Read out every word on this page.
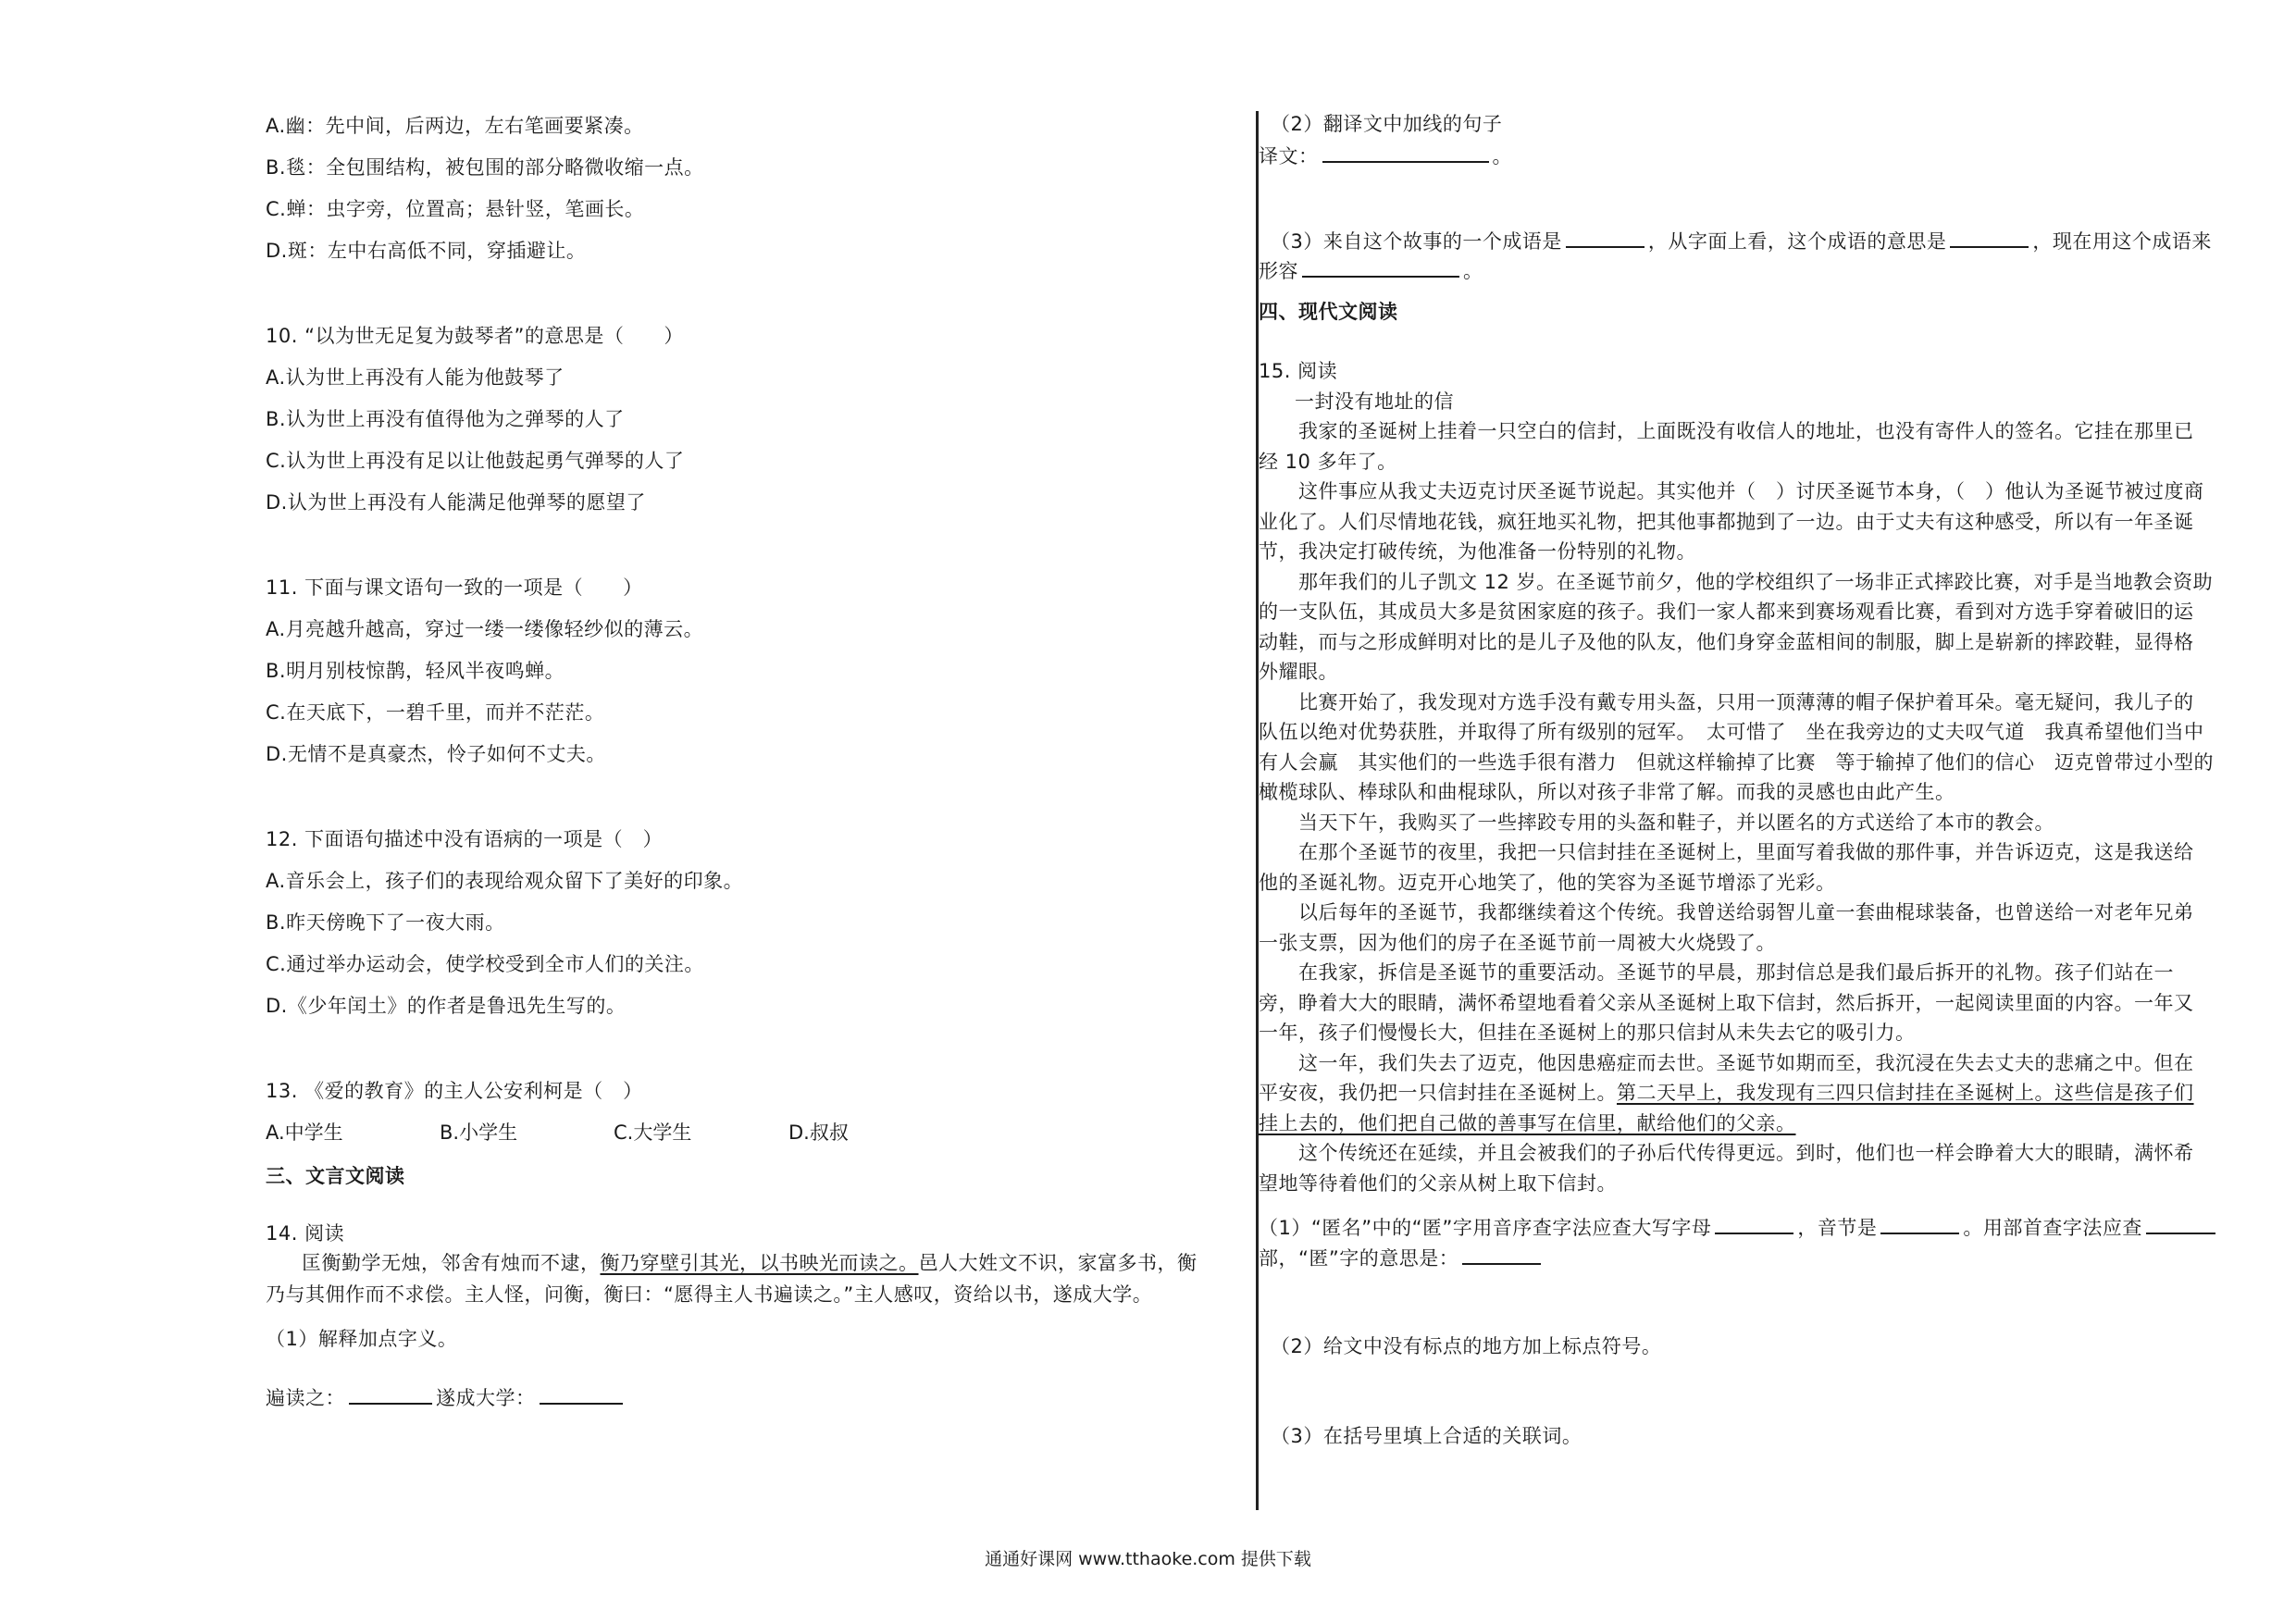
A.幽：先中间，后两边，左右笔画要紧凑。
B.毯：全包围结构，被包围的部分略微收缩一点。
C.蝉：虫字旁，位置高；悬针竖，笔画长。
D.斑：左中右高低不同，穿插避让。
10. “以为世无足复为鼓琴者”的意思是（　　）
A.认为世上再没有人能为他鼓琴了
B.认为世上再没有值得他为之弹琴的人了
C.认为世上再没有足以让他鼓起勇气弹琴的人了
D.认为世上再没有人能满足他弹琴的愿望了
11. 下面与课文语句一致的一项是（　　）
A.月亮越升越高，穿过一缕一缕像轻纱似的薄云。
B.明月别枝惊鹊，轻风半夜鸣蝉。
C.在天底下，一碧千里，而并不茫茫。
D.无情不是真豪杰，怜子如何不丈夫。
12. 下面语句描述中没有语病的一项是（　）
A.音乐会上，孩子们的表现给观众留下了美好的印象。
B.昨天傍晚下了一夜大雨。
C.通过举办运动会，使学校受到全市人们的关注。
D.《少年闰土》的作者是鲁迅先生写的。
13. 《爱的教育》的主人公安利柯是（　）
A.中学生	B.小学生	C.大学生	D.叔叔
三、文言文阅读
14. 阅读
匡衡勤学无烛，邻舍有烛而不逮，衡乃穿壁引其光，以书映光而读之。邑人大姓文不识，家富多书，衡
乃与其佣作而不求偿。主人怪，问衡，衡曰：“愿得主人书遍读之。”主人感叹，资给以书，遂成大学。
（1）解释加点字义。
遍读之：	遂成大学：
（2）翻译文中加线的句子
译文：	。
（3）来自这个故事的一个成语是	，从字面上看，这个成语的意思是	，现在用这个成语来
形容	。
四、现代文阅读
15. 阅读
一封没有地址的信
　　我家的圣诞树上挂着一只空白的信封，上面既没有收信人的地址，也没有寄件人的签名。它挂在那里已
经 10 多年了。
　　这件事应从我丈夫迈克讨厌圣诞节说起。其实他并（　）讨厌圣诞节本身，（　）他认为圣诞节被过度商
业化了。人们尽情地花钱，疯狂地买礼物，把其他事都抛到了一边。由于丈夫有这种感受，所以有一年圣诞
节，我决定打破传统，为他准备一份特别的礼物。
　　那年我们的儿子凯文 12 岁。在圣诞节前夕，他的学校组织了一场非正式摔跤比赛，对手是当地教会资助
的一支队伍，其成员大多是贫困家庭的孩子。我们一家人都来到赛场观看比赛，看到对方选手穿着破旧的运
动鞋，而与之形成鲜明对比的是儿子及他的队友，他们身穿金蓝相间的制服，脚上是崭新的摔跤鞋，显得格
外耀眼。
　　比赛开始了，我发现对方选手没有戴专用头盔，只用一顶薄薄的帽子保护着耳朵。毫无疑问，我儿子的
队伍以绝对优势获胜，并取得了所有级别的冠军。　太可惜了　坐在我旁边的丈夫叹气道　我真希望他们当中
有人会赢　其实他们的一些选手很有潜力　但就这样输掉了比赛　等于输掉了他们的信心　迈克曾带过小型的
橄榄球队、棒球队和曲棍球队，所以对孩子非常了解。而我的灵感也由此产生。
　　当天下午，我购买了一些摔跤专用的头盔和鞋子，并以匿名的方式送给了本市的教会。
　　在那个圣诞节的夜里，我把一只信封挂在圣诞树上，里面写着我做的那件事，并告诉迈克，这是我送给
他的圣诞礼物。迈克开心地笑了，他的笑容为圣诞节增添了光彩。
　　以后每年的圣诞节，我都继续着这个传统。我曾送给弱智儿童一套曲棍球装备，也曾送给一对老年兄弟
一张支票，因为他们的房子在圣诞节前一周被大火烧毁了。
　　在我家，拆信是圣诞节的重要活动。圣诞节的早晨，那封信总是我们最后拆开的礼物。孩子们站在一
旁，睁着大大的眼睛，满怀希望地看着父亲从圣诞树上取下信封，然后拆开，一起阅读里面的内容。一年又
一年，孩子们慢慢长大，但挂在圣诞树上的那只信封从未失去它的吸引力。
　　这一年，我们失去了迈克，他因患癌症而去世。圣诞节如期而至，我沉浸在失去丈夫的悲痛之中。但在
平安夜，我仍把一只信封挂在圣诞树上。第二天早上，我发现有三四只信封挂在圣诞树上。这些信是孩子们
挂上去的，他们把自己做的善事写在信里，献给他们的父亲。
　　这个传统还在延续，并且会被我们的子孙后代传得更远。到时，他们也一样会睁着大大的眼睛，满怀希
望地等待着他们的父亲从树上取下信封。
（1）“匿名”中的“匿”字用音序查字法应查大写字母	，音节是	。用部首查字法应查
部，“匿”字的意思是：
（2）给文中没有标点的地方加上标点符号。
（3）在括号里填上合适的关联词。
通通好课网 www.tthaoke.com 提供下载
